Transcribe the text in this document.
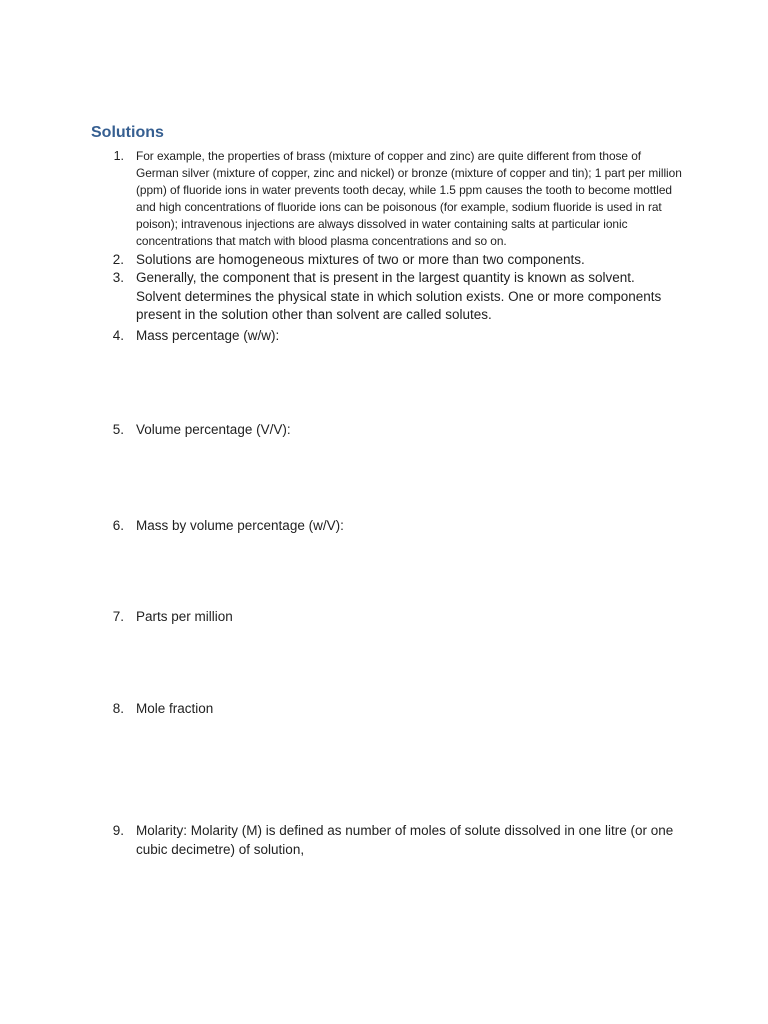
Solutions
1. For example, the properties of brass (mixture of copper and zinc) are quite different from those of German silver (mixture of copper, zinc and nickel) or bronze (mixture of copper and tin); 1 part per million (ppm) of fluoride ions in water prevents tooth decay, while 1.5 ppm causes the tooth to become mottled and high concentrations of fluoride ions can be poisonous (for example, sodium fluoride is used in rat poison); intravenous injections are always dissolved in water containing salts at particular ionic concentrations that match with blood plasma concentrations and so on.
2. Solutions are homogeneous mixtures of two or more than two components.
3. Generally, the component that is present in the largest quantity is known as solvent. Solvent determines the physical state in which solution exists. One or more components present in the solution other than solvent are called solutes.
4. Mass percentage (w/w):
5. Volume percentage (V/V):
6. Mass by volume percentage (w/V):
7. Parts per million
8. Mole fraction
9. Molarity: Molarity (M) is defined as number of moles of solute dissolved in one litre (or one cubic decimetre) of solution,
